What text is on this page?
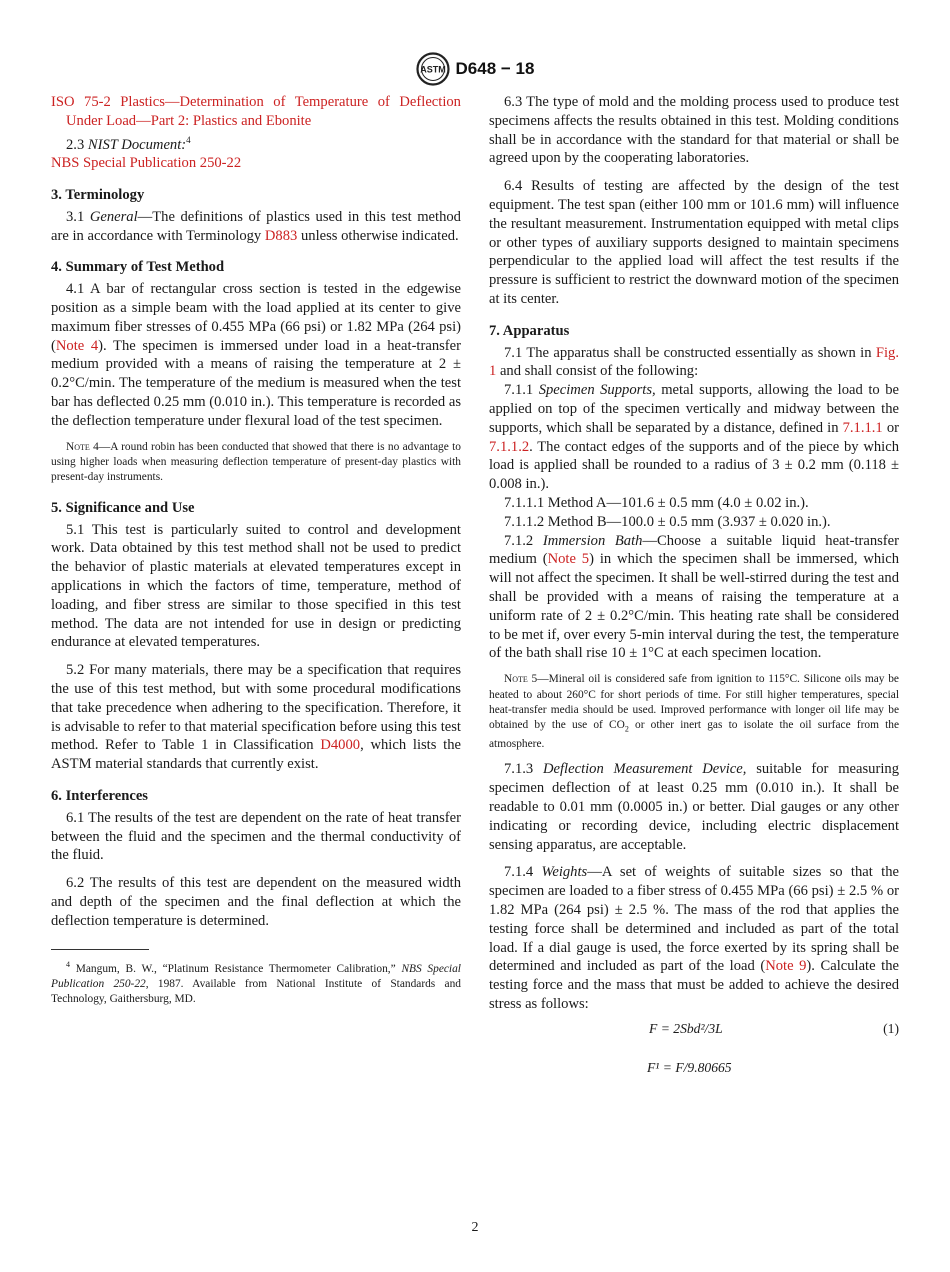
ASTM D648 − 18

ISO 75-2 Plastics—Determination of Temperature of Deflection Under Load—Part 2: Plastics and Ebonite

2.3 NIST Document:$^4$

NBS Special Publication 250-22

3. Terminology

3.1 General—The definitions of plastics used in this test method are in accordance with Terminology D883 unless otherwise indicated.

4. Summary of Test Method

4.1 A bar of rectangular cross section is tested in the edgewise position as a simple beam with the load applied at its center to give maximum fiber stresses of 0.455 MPa (66 psi) or 1.82 MPa (264 psi) (Note 4). The specimen is immersed under load in a heat-transfer medium provided with a means of raising the temperature at 2 ± 0.2°C/min. The temperature of the medium is measured when the test bar has deflected 0.25 mm (0.010 in.). This temperature is recorded as the deflection temperature under flexural load of the test specimen.

Note 4—A round robin has been conducted that showed that there is no advantage to using higher loads when measuring deflection temperature of present-day plastics with present-day instruments.

5. Significance and Use

5.1 This test is particularly suited to control and development work. Data obtained by this test method shall not be used to predict the behavior of plastic materials at elevated temperatures except in applications in which the factors of time, temperature, method of loading, and fiber stress are similar to those specified in this test method. The data are not intended for use in design or predicting endurance at elevated temperatures.

5.2 For many materials, there may be a specification that requires the use of this test method, but with some procedural modifications that take precedence when adhering to the specification. Therefore, it is advisable to refer to that material specification before using this test method. Refer to Table 1 in Classification D4000, which lists the ASTM material standards that currently exist.

6. Interferences

6.1 The results of the test are dependent on the rate of heat transfer between the fluid and the specimen and the thermal conductivity of the fluid.

6.2 The results of this test are dependent on the measured width and depth of the specimen and the final deflection at which the deflection temperature is determined.

$^4$ Mangum, B. W., “Platinum Resistance Thermometer Calibration,” NBS Special Publication 250-22, 1987. Available from National Institute of Standards and Technology, Gaithersburg, MD.

6.3 The type of mold and the molding process used to produce test specimens affects the results obtained in this test. Molding conditions shall be in accordance with the standard for that material or shall be agreed upon by the cooperating laboratories.

6.4 Results of testing are affected by the design of the test equipment. The test span (either 100 mm or 101.6 mm) will influence the resultant measurement. Instrumentation equipped with metal clips or other types of auxiliary supports designed to maintain specimens perpendicular to the applied load will affect the test results if the pressure is sufficient to restrict the downward motion of the specimen at its center.

7. Apparatus

7.1 The apparatus shall be constructed essentially as shown in Fig. 1 and shall consist of the following:

7.1.1 Specimen Supports, metal supports, allowing the load to be applied on top of the specimen vertically and midway between the supports, which shall be separated by a distance, defined in 7.1.1.1 or 7.1.1.2. The contact edges of the supports and of the piece by which load is applied shall be rounded to a radius of 3 ± 0.2 mm (0.118 ± 0.008 in.).

7.1.1.1 Method A—101.6 ± 0.5 mm (4.0 ± 0.02 in.).

7.1.1.2 Method B—100.0 ± 0.5 mm (3.937 ± 0.020 in.).

7.1.2 Immersion Bath—Choose a suitable liquid heat-transfer medium (Note 5) in which the specimen shall be immersed, which will not affect the specimen. It shall be well-stirred during the test and shall be provided with a means of raising the temperature at a uniform rate of 2 ± 0.2°C/min. This heating rate shall be considered to be met if, over every 5-min interval during the test, the temperature of the bath shall rise 10 ± 1°C at each specimen location.

Note 5—Mineral oil is considered safe from ignition to 115°C. Silicone oils may be heated to about 260°C for short periods of time. For still higher temperatures, special heat-transfer media should be used. Improved performance with longer oil life may be obtained by the use of $CO_2$ or other inert gas to isolate the oil surface from the atmosphere.

7.1.3 Deflection Measurement Device, suitable for measuring specimen deflection of at least 0.25 mm (0.010 in.). It shall be readable to 0.01 mm (0.0005 in.) or better. Dial gauges or any other indicating or recording device, including electric displacement sensing apparatus, are acceptable.

7.1.4 Weights—A set of weights of suitable sizes so that the specimen are loaded to a fiber stress of 0.455 MPa (66 psi) ± 2.5 % or 1.82 MPa (264 psi) ± 2.5 %. The mass of the rod that applies the testing force shall be determined and included as part of the total load. If a dial gauge is used, the force exerted by its spring shall be determined and included as part of the load (Note 9). Calculate the testing force and the mass that must be added to achieve the desired stress as follows:

F = 2Sbd²/3L	(1)
F¹ = F/9.80665
2
